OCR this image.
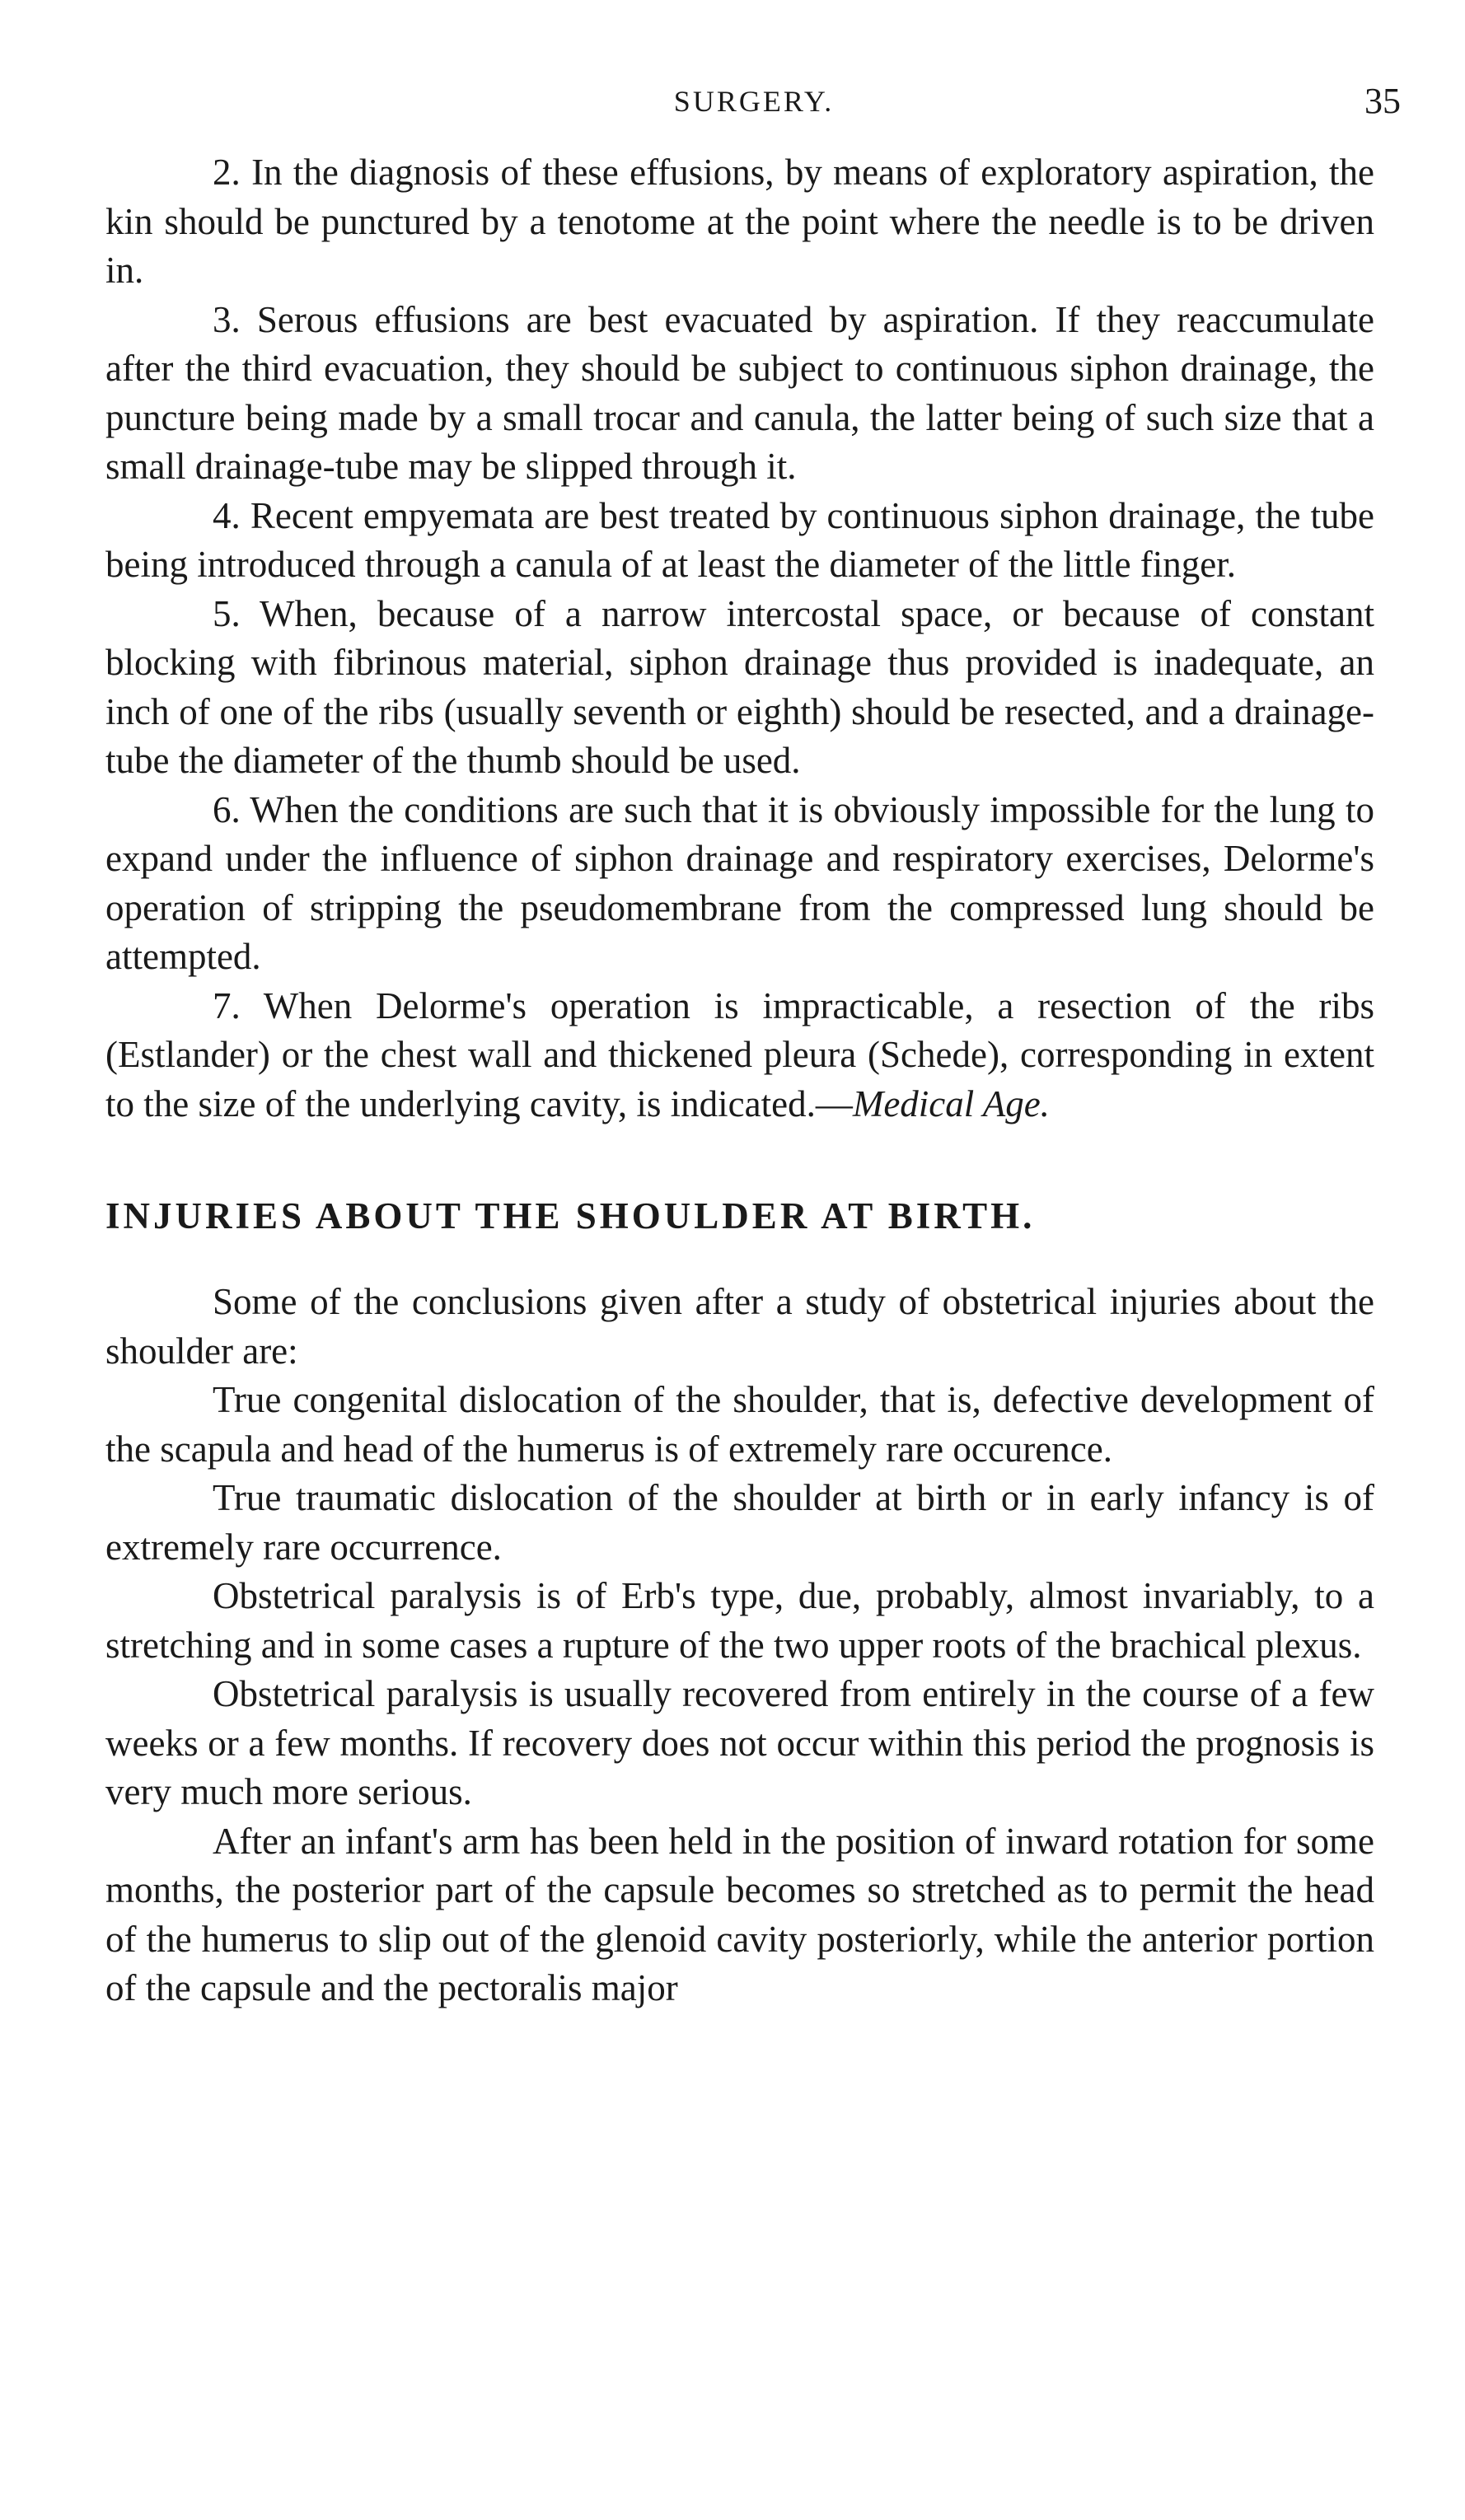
SURGERY.	35

2. In the diagnosis of these effusions, by means of exploratory aspiration, the kin should be punctured by a tenotome at the point where the needle is to be driven in.

3. Serous effusions are best evacuated by aspiration. If they reaccumulate after the third evacuation, they should be subject to continuous siphon drainage, the puncture being made by a small trocar and canula, the latter being of such size that a small drainage-tube may be slipped through it.

4. Recent empyemata are best treated by continuous siphon drainage, the tube being introduced through a canula of at least the diameter of the little finger.

5. When, because of a narrow intercostal space, or because of constant blocking with fibrinous material, siphon drainage thus provided is inadequate, an inch of one of the ribs (usually seventh or eighth) should be resected, and a drainage-tube the diameter of the thumb should be used.

6. When the conditions are such that it is obviously impossible for the lung to expand under the influence of siphon drainage and respiratory exercises, Delorme's operation of stripping the pseudomembrane from the compressed lung should be attempted.

7. When Delorme's operation is impracticable, a resection of the ribs (Estlander) or the chest wall and thickened pleura (Schede), corresponding in extent to the size of the underlying cavity, is indicated.—Medical Age.

INJURIES ABOUT THE SHOULDER AT BIRTH.

Some of the conclusions given after a study of obstetrical injuries about the shoulder are:

True congenital dislocation of the shoulder, that is, defective development of the scapula and head of the humerus is of extremely rare occurence.

True traumatic dislocation of the shoulder at birth or in early infancy is of extremely rare occurrence.

Obstetrical paralysis is of Erb's type, due, probably, almost invariably, to a stretching and in some cases a rupture of the two upper roots of the brachical plexus.

Obstetrical paralysis is usually recovered from entirely in the course of a few weeks or a few months. If recovery does not occur within this period the prognosis is very much more serious.

After an infant's arm has been held in the position of inward rotation for some months, the posterior part of the capsule becomes so stretched as to permit the head of the humerus to slip out of the glenoid cavity posteriorly, while the anterior portion of the capsule and the pectoralis major
